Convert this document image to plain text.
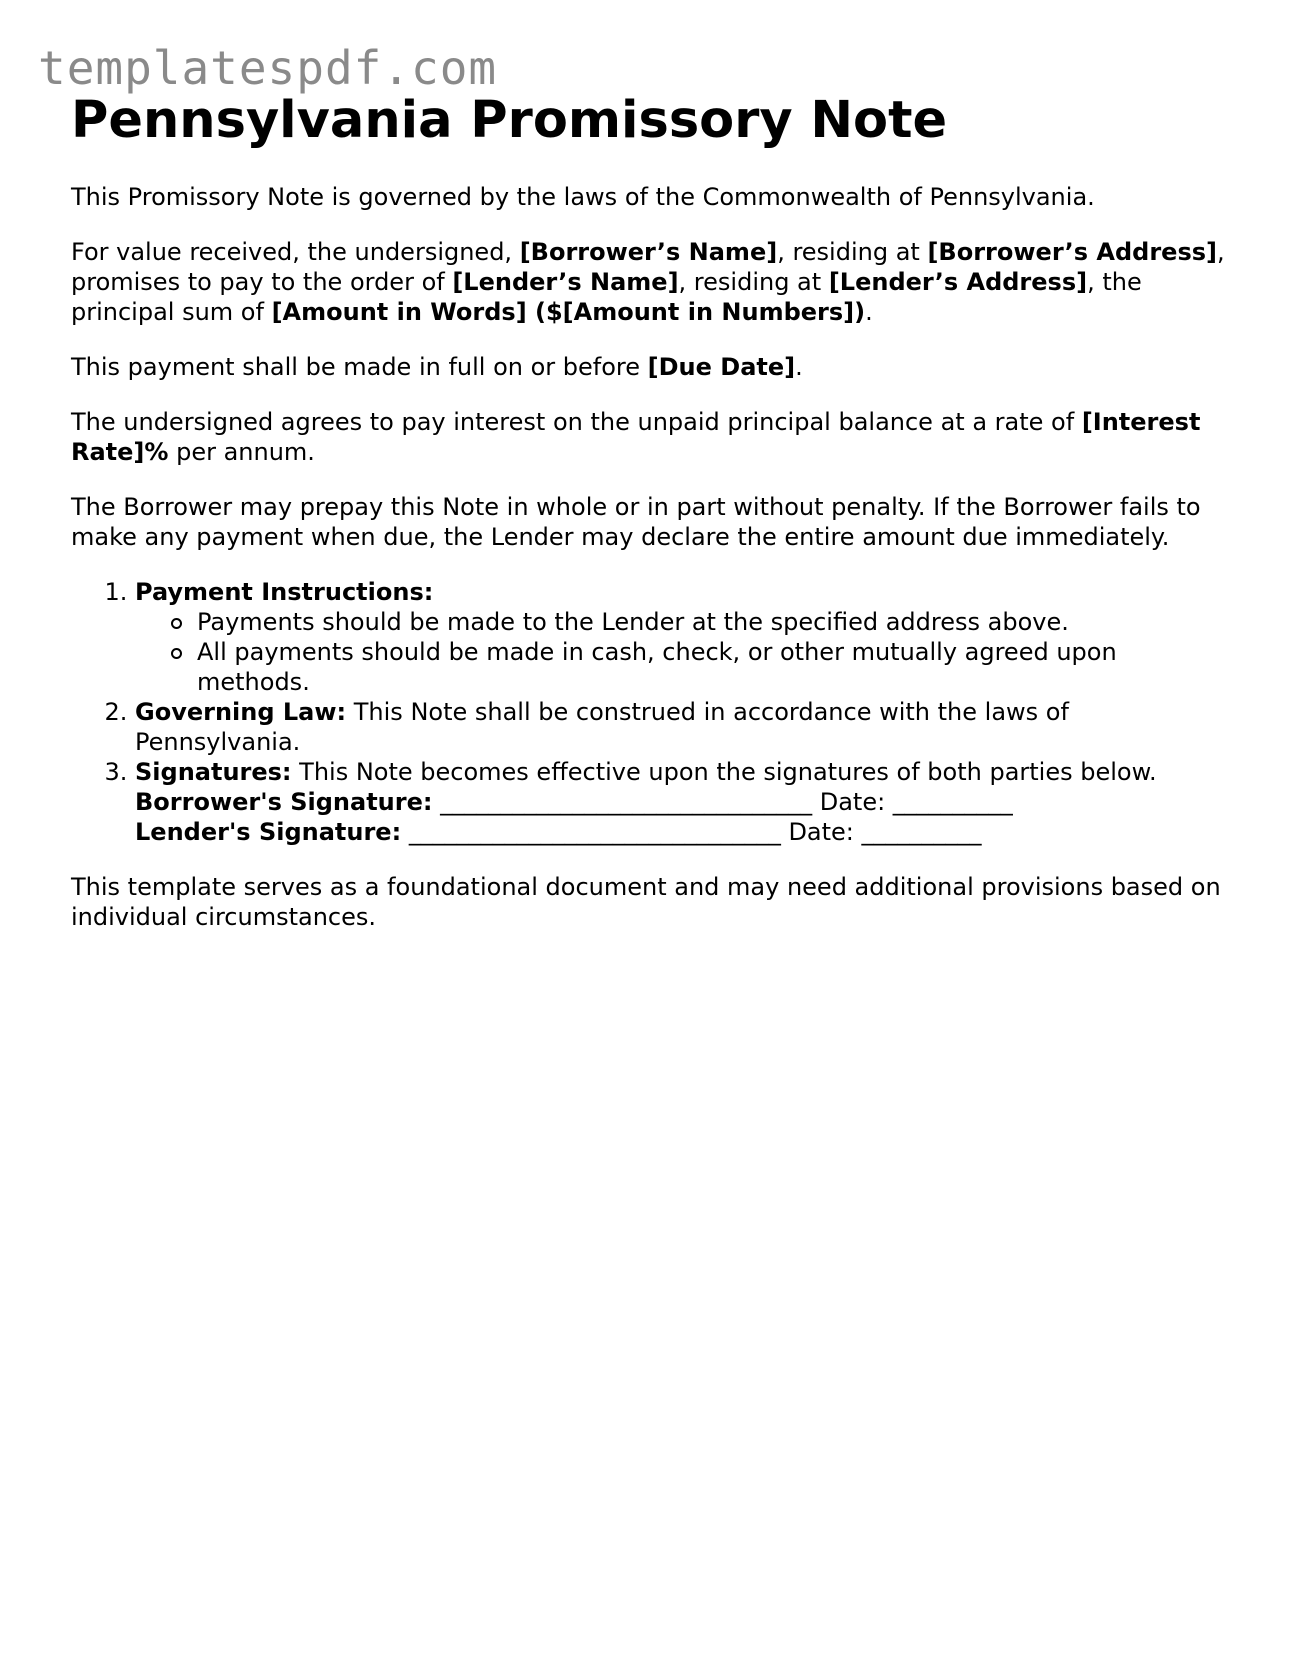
templatespdf.com
Pennsylvania Promissory Note

This Promissory Note is governed by the laws of the Commonwealth of Pennsylvania.

For value received, the undersigned, [Borrower’s Name], residing at [Borrower’s Address], promises to pay to the order of [Lender’s Name], residing at [Lender’s Address], the principal sum of [Amount in Words] ($[Amount in Numbers]).

This payment shall be made in full on or before [Due Date].

The undersigned agrees to pay interest on the unpaid principal balance at a rate of [Interest Rate]% per annum.

The Borrower may prepay this Note in whole or in part without penalty. If the Borrower fails to make any payment when due, the Lender may declare the entire amount due immediately.

1. Payment Instructions:
Payments should be made to the Lender at the specified address above.
All payments should be made in cash, check, or other mutually agreed upon methods.
2. Governing Law: This Note shall be construed in accordance with the laws of Pennsylvania.
3. Signatures: This Note becomes effective upon the signatures of both parties below.
Borrower's Signature: _______________________________ Date: __________
Lender's Signature: _______________________________ Date: __________

This template serves as a foundational document and may need additional provisions based on individual circumstances.
